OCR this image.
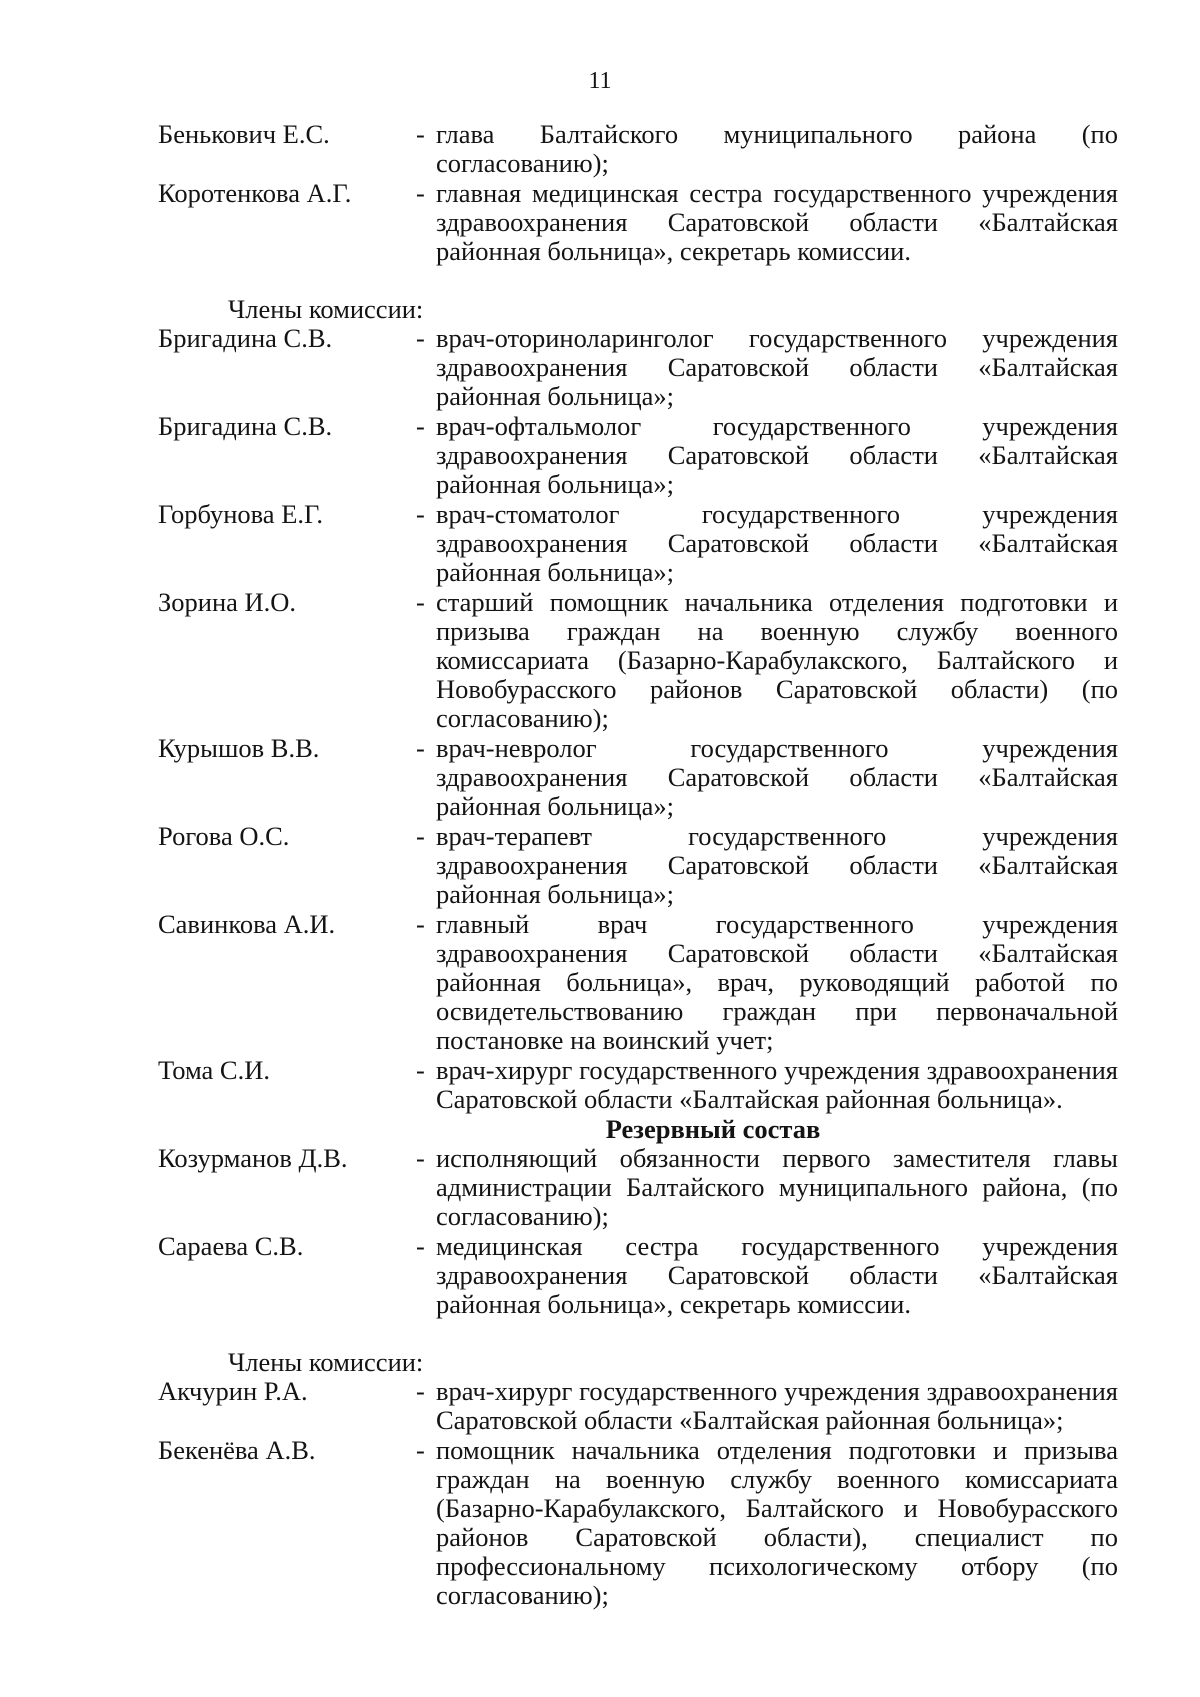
11
Бенькович Е.С.	- глава Балтайского муниципального района (по согласованию);
Коротенкова А.Г.	- главная медицинская сестра государственного учреждения здравоохранения Саратовской области «Балтайская районная больница», секретарь комиссии.
Члены комиссии:
Бригадина С.В.	- врач-оториноларинголог государственного учреждения здравоохранения Саратовской области «Балтайская районная больница»;
Бригадина С.В.	- врач-офтальмолог государственного учреждения здравоохранения Саратовской области «Балтайская районная больница»;
Горбунова Е.Г.	- врач-стоматолог государственного учреждения здравоохранения Саратовской области «Балтайская районная больница»;
Зорина И.О.	- старший помощник начальника отделения подготовки и призыва граждан на военную службу военного комиссариата (Базарно-Карабулакского, Балтайского и Новобурасского районов Саратовской области) (по согласованию);
Курышов В.В.	- врач-невролог государственного учреждения здравоохранения Саратовской области «Балтайская районная больница»;
Рогова О.С.	- врач-терапевт государственного учреждения здравоохранения Саратовской области «Балтайская районная больница»;
Савинкова А.И.	- главный врач государственного учреждения здравоохранения Саратовской области «Балтайская районная больница», врач, руководящий работой по освидетельствованию граждан при первоначальной постановке на воинский учет;
Тома С.И.	- врач-хирург государственного учреждения здравоохранения Саратовской области «Балтайская районная больница».
Резервный состав
Козурманов Д.В.	- исполняющий обязанности первого заместителя главы администрации Балтайского муниципального района, (по согласованию);
Сараева С.В.	- медицинская сестра государственного учреждения здравоохранения Саратовской области «Балтайская районная больница», секретарь комиссии.
Члены комиссии:
Акчурин Р.А.	- врач-хирург государственного учреждения здравоохранения Саратовской области «Балтайская районная больница»;
Бекенёва А.В.	- помощник начальника отделения подготовки и призыва граждан на военную службу военного комиссариата (Базарно-Карабулакского, Балтайского и Новобурасского районов Саратовской области), специалист по профессиональному психологическому отбору (по согласованию);
